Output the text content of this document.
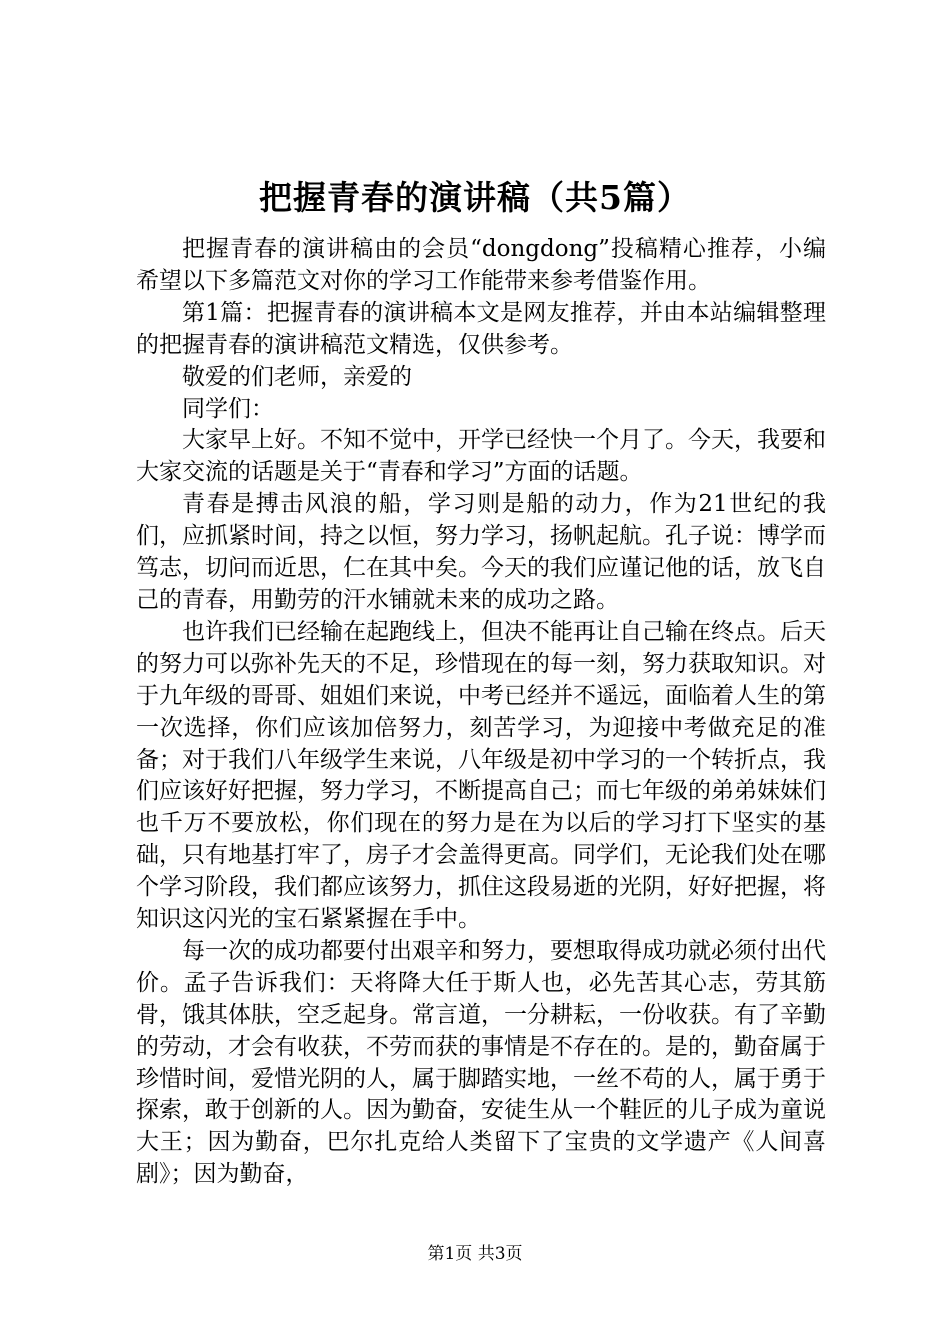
把握青春的演讲稿（共5篇）

把握青春的演讲稿由的会员“dongdong”投稿精心推荐，小编希望以下多篇范文对你的学习工作能带来参考借鉴作用。

第1篇：把握青春的演讲稿本文是网友推荐，并由本站编辑整理的把握青春的演讲稿范文精选，仅供参考。

敬爱的们老师，亲爱的

同学们：

大家早上好。不知不觉中，开学已经快一个月了。今天，我要和大家交流的话题是关于“青春和学习”方面的话题。

青春是搏击风浪的船，学习则是船的动力，作为21世纪的我们，应抓紧时间，持之以恒，努力学习，扬帆起航。孔子说：博学而笃志，切问而近思，仁在其中矣。今天的我们应谨记他的话，放飞自己的青春，用勤劳的汗水铺就未来的成功之路。

也许我们已经输在起跑线上，但决不能再让自己输在终点。后天的努力可以弥补先天的不足，珍惜现在的每一刻，努力获取知识。对于九年级的哥哥、姐姐们来说，中考已经并不遥远，面临着人生的第一次选择，你们应该加倍努力，刻苦学习，为迎接中考做充足的准备；对于我们八年级学生来说，八年级是初中学习的一个转折点，我们应该好好把握，努力学习，不断提高自己；而七年级的弟弟妹妹们也千万不要放松，你们现在的努力是在为以后的学习打下坚实的基础，只有地基打牢了，房子才会盖得更高。同学们，无论我们处在哪个学习阶段，我们都应该努力，抓住这段易逝的光阴，好好把握，将知识这闪光的宝石紧紧握在手中。

每一次的成功都要付出艰辛和努力，要想取得成功就必须付出代价。孟子告诉我们：天将降大任于斯人也，必先苦其心志，劳其筋骨，饿其体肤，空乏起身。常言道，一分耕耘，一份收获。有了辛勤的劳动，才会有收获，不劳而获的事情是不存在的。是的，勤奋属于珍惜时间，爱惜光阴的人，属于脚踏实地，一丝不苟的人，属于勇于探索，敢于创新的人。因为勤奋，安徒生从一个鞋匠的儿子成为童说大王；因为勤奋，巴尔扎克给人类留下了宝贵的文学遗产《人间喜剧》；因为勤奋，

第1页 共3页
